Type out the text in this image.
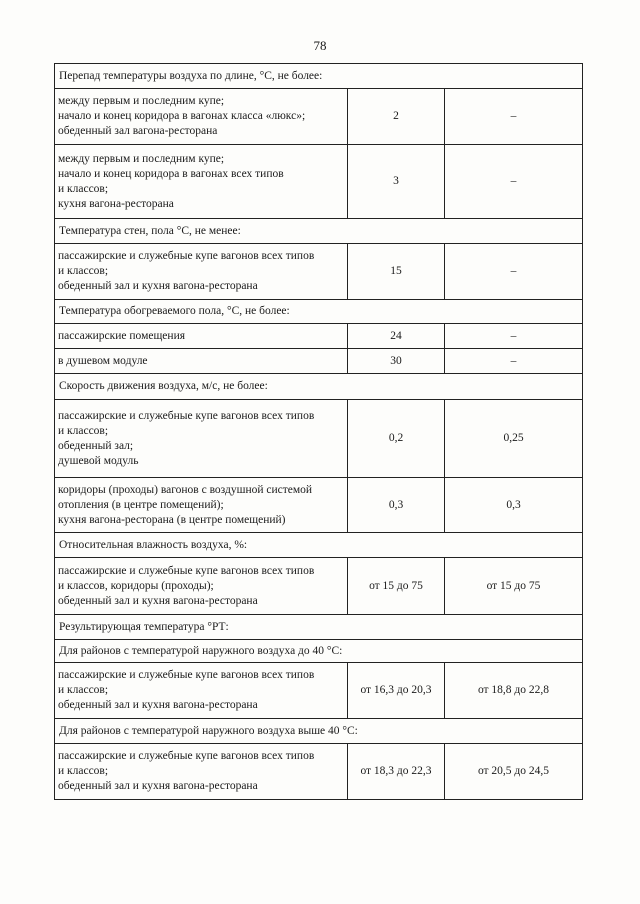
78
Перепад температуры воздуха по длине, °С, не более:		
между первым и последним купе;
начало и конец коридора в вагонах класса «люкс»;
обеденный зал вагона-ресторана	2	–
между первым и последним купе;
начало и конец коридора в вагонах всех типов
и классов;
кухня вагона-ресторана	3	–
Температура стен, пола °С, не менее:		
пассажирские и служебные купе вагонов всех типов
и классов;
обеденный зал и кухня вагона-ресторана	15	–
Температура обогреваемого пола, °С, не более:		
пассажирские помещения	24	–
в душевом модуле	30	–
Скорость движения воздуха, м/с, не более:		
пассажирские и служебные купе вагонов всех типов
и классов;
обеденный зал;
душевой модуль	0,2	0,25
коридоры (проходы) вагонов с воздушной системой
отопления (в центре помещений);
кухня вагона-ресторана (в центре помещений)	0,3	0,3
Относительная влажность воздуха, %:		
пассажирские и служебные купе вагонов всех типов
и классов, коридоры (проходы);
обеденный зал и кухня вагона-ресторана	от 15 до 75	от 15 до 75
Результирующая температура °РТ:		
Для районов с температурой наружного воздуха до 40 °С:		
пассажирские и служебные купе вагонов всех типов
и классов;
обеденный зал и кухня вагона-ресторана	от 16,3 до 20,3	от 18,8 до 22,8
Для районов с температурой наружного воздуха выше 40 °С:		
пассажирские и служебные купе вагонов всех типов
и классов;
обеденный зал и кухня вагона-ресторана	от 18,3 до 22,3	от 20,5 до 24,5
